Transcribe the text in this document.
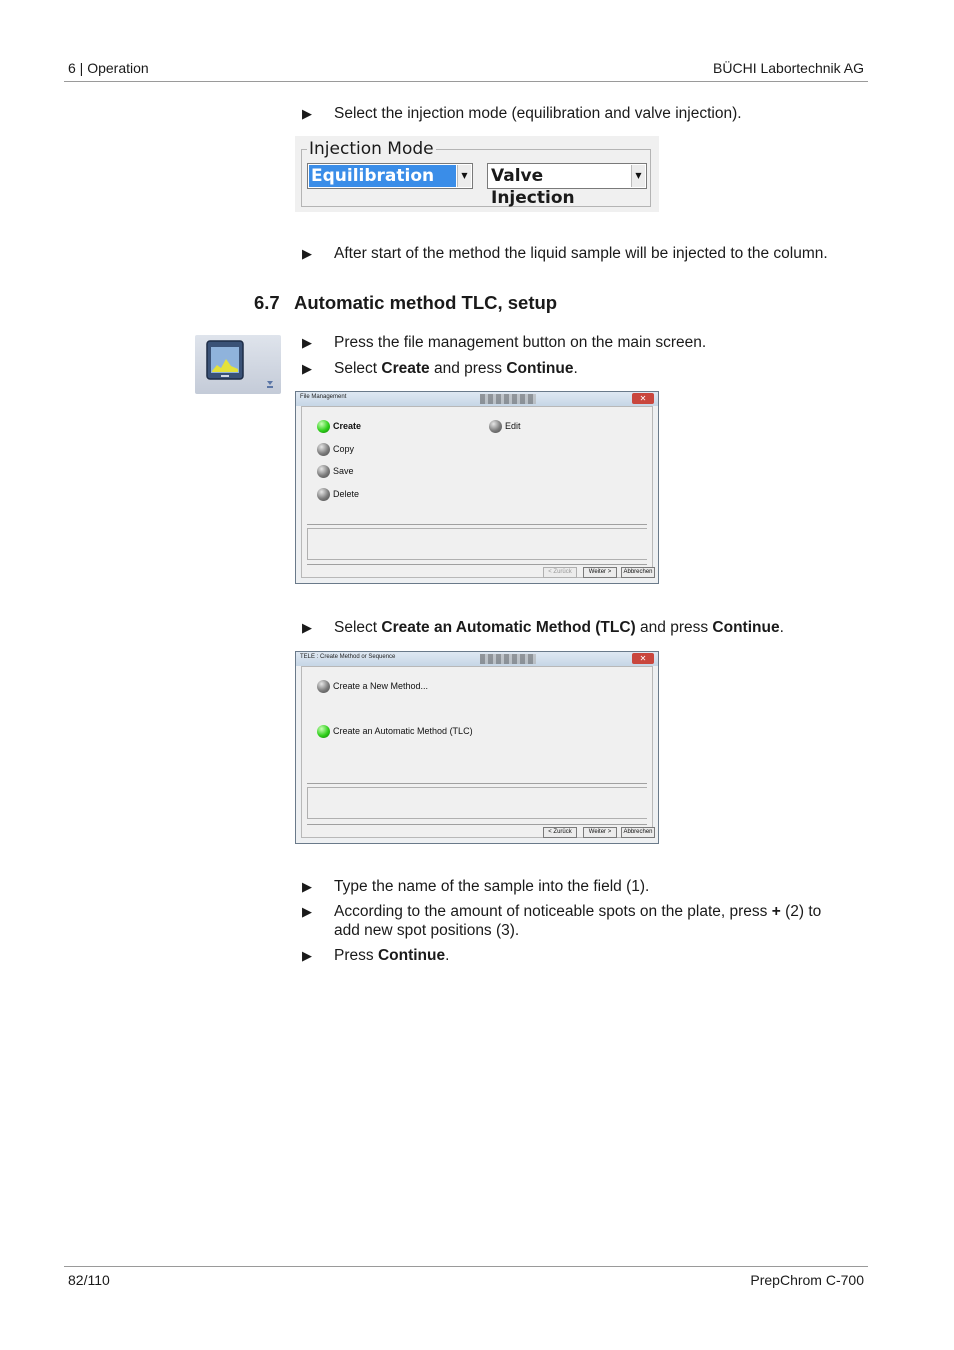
6 | Operation	BÜCHI Labortechnik AG
▶ Select the injection mode (equilibration and valve injection).
Injection Mode
Equilibration	▼ Valve Injection
▼
▶ After start of the method the liquid sample will be injected to the column.
6.7 Automatic method TLC, setup
▶ Press the file management button on the main screen.
▶ Select Create and press Continue.
File Management	✕
Create
Copy
Save
Delete
Edit
< Zurück	Weiter >	Abbrechen
▶ Select Create an Automatic Method (TLC) and press Continue.
TELE : Create Method or Sequence	✕
Create a New Method...
Create an Automatic Method (TLC)
< Zurück	Weiter >	Abbrechen
▶ Type the name of the sample into the field (1).
▶ According to the amount of noticeable spots on the plate, press + (2) to add new spot positions (3).
▶ Press Continue.
82/110	PrepChrom C-700
